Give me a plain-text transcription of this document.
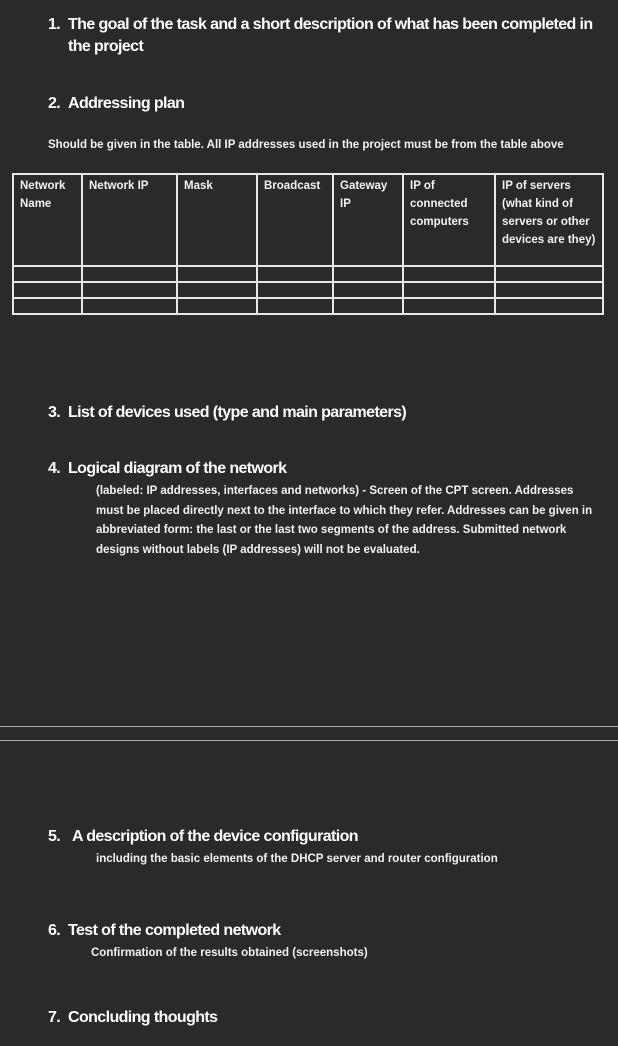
1. The goal of the task and a short description of what has been completed in the project
2. Addressing plan
Should be given in the table. All IP addresses used in the project must be from the table above
Network Name	Network IP	Mask	Broadcast	Gateway IP	IP of connected computers	IP of servers (what kind of servers or other devices are they)

3. List of devices used (type and main parameters)
4. Logical diagram of the network
(labeled: IP addresses, interfaces and networks) - Screen of the CPT screen. Addresses must be placed directly next to the interface to which they refer. Addresses can be given in abbreviated form: the last or the last two segments of the address. Submitted network designs without labels (IP addresses) will not be evaluated.
5. A description of the device configuration
including the basic elements of the DHCP server and router configuration
6. Test of the completed network
Confirmation of the results obtained (screenshots)
7. Concluding thoughts
